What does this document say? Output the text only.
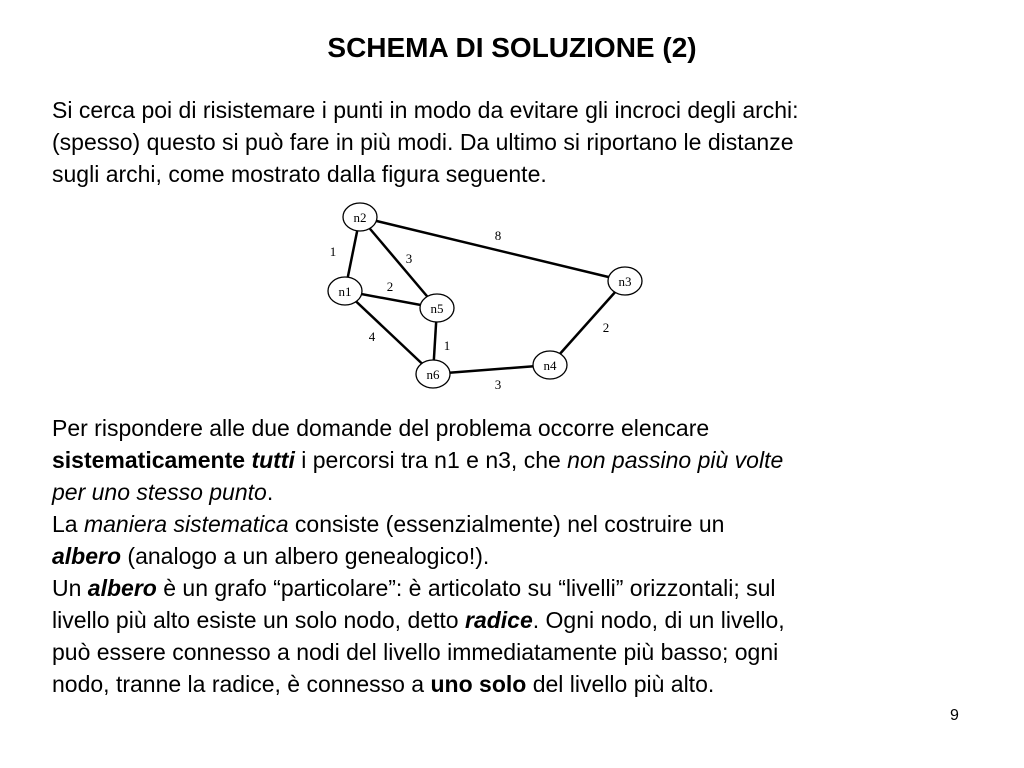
SCHEMA DI SOLUZIONE (2)

Si cerca poi di risistemare i punti in modo da evitare gli incroci degli archi:
(spesso) questo si può fare in più modi. Da ultimo si riportano le distanze
sugli archi, come mostrato dalla figura seguente.

8
1	3
2
4
1
3
2
n2
n1
n5
n6
n4
n3

Per rispondere alle due domande del problema occorre elencare
sistematicamente tutti i percorsi tra n1 e n3, che non passino più volte
per uno stesso punto.
La maniera sistematica consiste (essenzialmente) nel costruire un
albero (analogo a un albero genealogico!).
Un albero è un grafo “particolare”: è articolato su “livelli” orizzontali; sul
livello più alto esiste un solo nodo, detto radice. Ogni nodo, di un livello,
può essere connesso a nodi del livello immediatamente più basso; ogni
nodo, tranne la radice, è connesso a uno solo del livello più alto.

9
